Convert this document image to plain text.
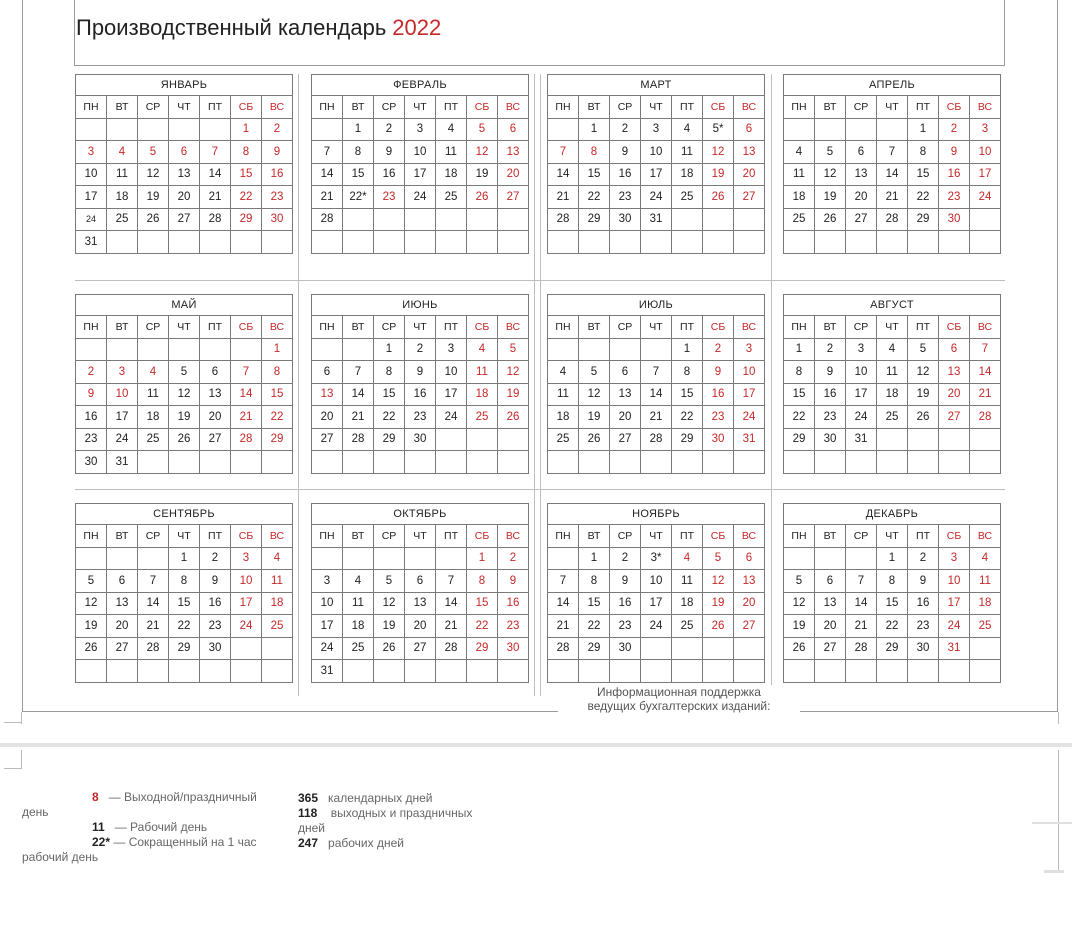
Производственный календарь 2022
ЯНВАРЬ						
ПН	ВТ	СР	ЧТ	ПТ	СБ	ВС
					1	2
3	4	5	6	7	8	9
10	11	12	13	14	15	16
17	18	19	20	21	22	23
24	25	26	27	28	29	30
31						
ФЕВРАЛЬ						
ПН	ВТ	СР	ЧТ	ПТ	СБ	ВС
	1	2	3	4	5	6
7	8	9	10	11	12	13
14	15	16	17	18	19	20
21	22*	23	24	25	26	27
28						

МАРТ						
ПН	ВТ	СР	ЧТ	ПТ	СБ	ВС
	1	2	3	4	5*	6
7	8	9	10	11	12	13
14	15	16	17	18	19	20
21	22	23	24	25	26	27
28	29	30	31			

АПРЕЛЬ						
ПН	ВТ	СР	ЧТ	ПТ	СБ	ВС
				1	2	3
4	5	6	7	8	9	10
11	12	13	14	15	16	17
18	19	20	21	22	23	24
25	26	27	28	29	30	

МАЙ						
ПН	ВТ	СР	ЧТ	ПТ	СБ	ВС
						1
2	3	4	5	6	7	8
9	10	11	12	13	14	15
16	17	18	19	20	21	22
23	24	25	26	27	28	29
30	31					
ИЮНЬ						
ПН	ВТ	СР	ЧТ	ПТ	СБ	ВС
		1	2	3	4	5
6	7	8	9	10	11	12
13	14	15	16	17	18	19
20	21	22	23	24	25	26
27	28	29	30			

ИЮЛЬ						
ПН	ВТ	СР	ЧТ	ПТ	СБ	ВС
				1	2	3
4	5	6	7	8	9	10
11	12	13	14	15	16	17
18	19	20	21	22	23	24
25	26	27	28	29	30	31

АВГУСТ						
ПН	ВТ	СР	ЧТ	ПТ	СБ	ВС
1	2	3	4	5	6	7
8	9	10	11	12	13	14
15	16	17	18	19	20	21
22	23	24	25	26	27	28
29	30	31				

СЕНТЯБРЬ						
ПН	ВТ	СР	ЧТ	ПТ	СБ	ВС
			1	2	3	4
5	6	7	8	9	10	11
12	13	14	15	16	17	18
19	20	21	22	23	24	25
26	27	28	29	30		

ОКТЯБРЬ						
ПН	ВТ	СР	ЧТ	ПТ	СБ	ВС
					1	2
3	4	5	6	7	8	9
10	11	12	13	14	15	16
17	18	19	20	21	22	23
24	25	26	27	28	29	30
31						
НОЯБРЬ						
ПН	ВТ	СР	ЧТ	ПТ	СБ	ВС
	1	2	3*	4	5	6
7	8	9	10	11	12	13
14	15	16	17	18	19	20
21	22	23	24	25	26	27
28	29	30				

ДЕКАБРЬ						
ПН	ВТ	СР	ЧТ	ПТ	СБ	ВС
			1	2	3	4
5	6	7	8	9	10	11
12	13	14	15	16	17	18
19	20	21	22	23	24	25
26	27	28	29	30	31	

Информационная поддержка
ведущих бухгалтерских изданий:
8 — Выходной/праздничный
день
11 — Рабочий день
22* — Сокращенный на 1 час
рабочий день
365 календарных дней
118 выходных и праздничных
дней
247 рабочих дней
